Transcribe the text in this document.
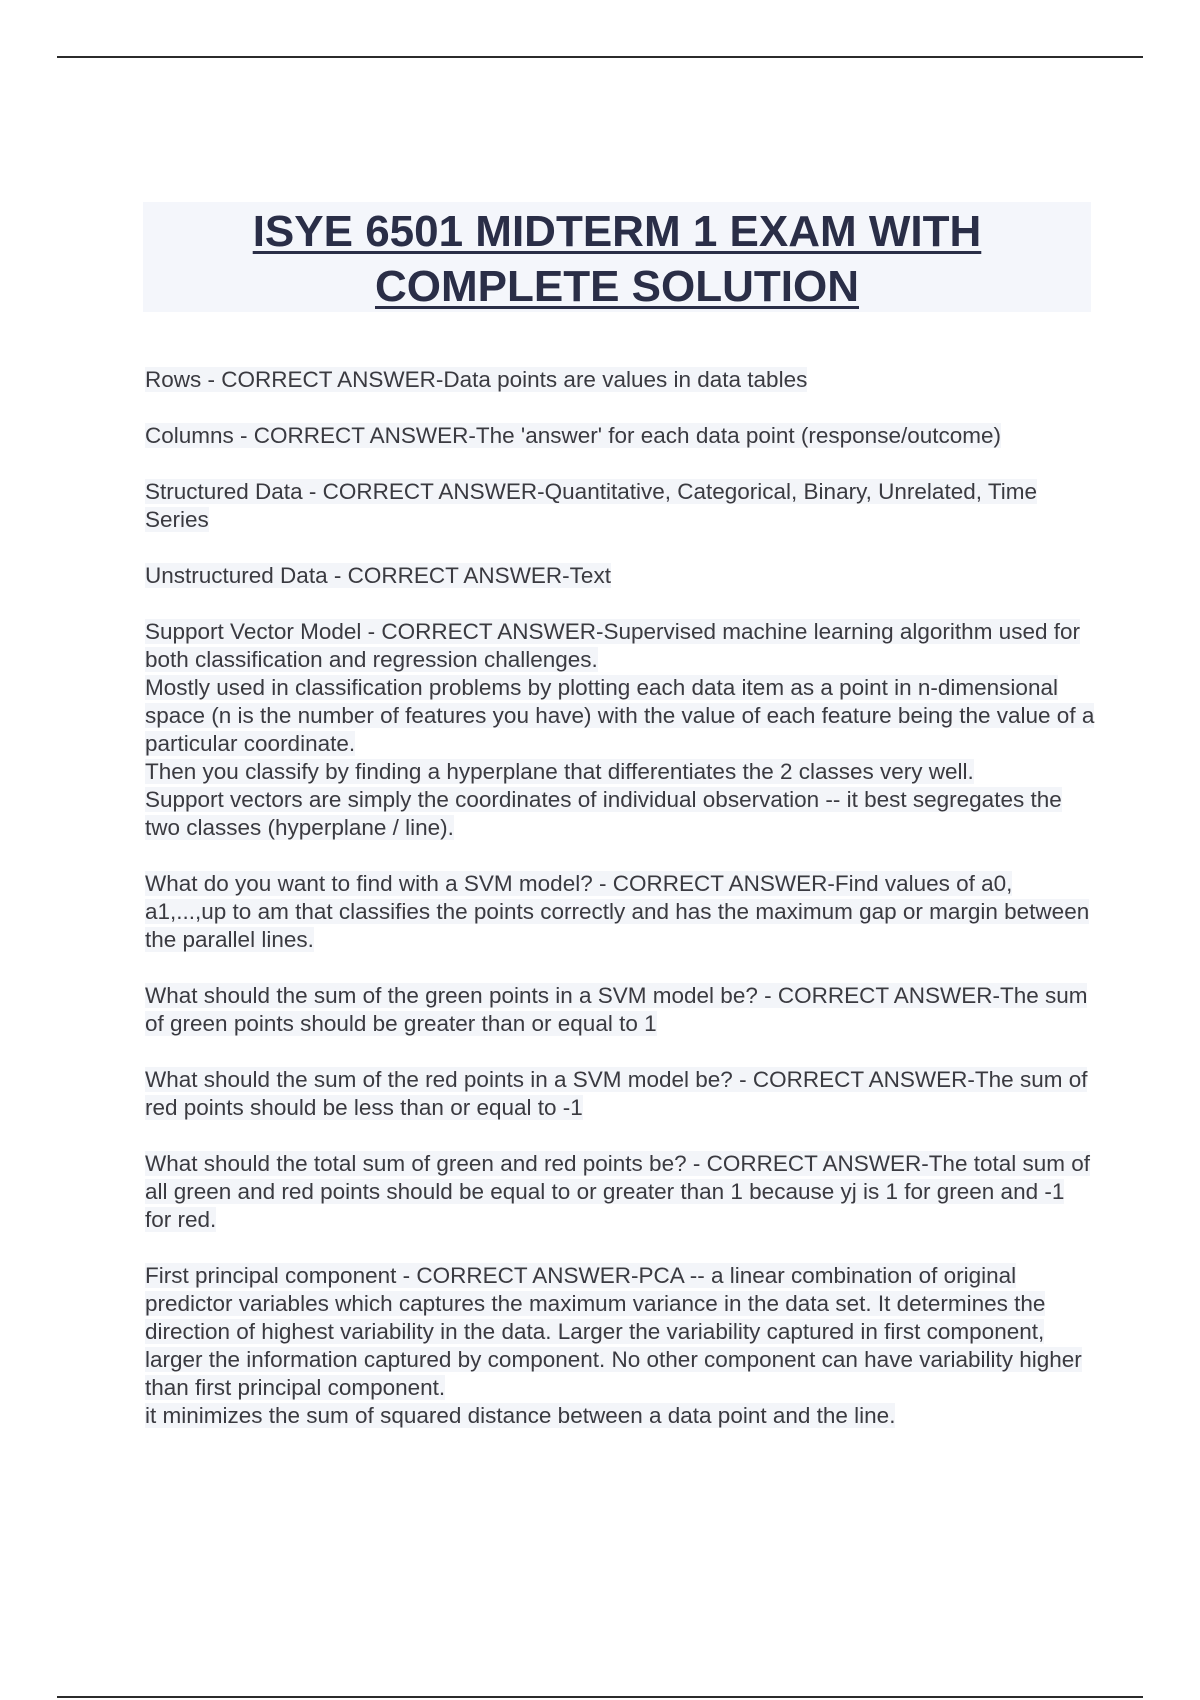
ISYE 6501 MIDTERM 1 EXAM WITH
COMPLETE SOLUTION

Rows - CORRECT ANSWER-Data points are values in data tables

Columns - CORRECT ANSWER-The 'answer' for each data point (response/outcome)

Structured Data - CORRECT ANSWER-Quantitative, Categorical, Binary, Unrelated, Time Series

Unstructured Data - CORRECT ANSWER-Text

Support Vector Model - CORRECT ANSWER-Supervised machine learning algorithm used for both classification and regression challenges.

Mostly used in classification problems by plotting each data item as a point in n-dimensional space (n is the number of features you have) with the value of each feature being the value of a particular coordinate.

Then you classify by finding a hyperplane that differentiates the 2 classes very well.

Support vectors are simply the coordinates of individual observation -- it best segregates the two classes (hyperplane / line).

What do you want to find with a SVM model? - CORRECT ANSWER-Find values of a0, a1,...,up to am that classifies the points correctly and has the maximum gap or margin between the parallel lines.

What should the sum of the green points in a SVM model be? - CORRECT ANSWER-The sum of green points should be greater than or equal to 1

What should the sum of the red points in a SVM model be? - CORRECT ANSWER-The sum of red points should be less than or equal to -1

What should the total sum of green and red points be? - CORRECT ANSWER-The total sum of all green and red points should be equal to or greater than 1 because yj is 1 for green and -1 for red.

First principal component - CORRECT ANSWER-PCA -- a linear combination of original predictor variables which captures the maximum variance in the data set. It determines the direction of highest variability in the data. Larger the variability captured in first component, larger the information captured by component. No other component can have variability higher than first principal component.

it minimizes the sum of squared distance between a data point and the line.
